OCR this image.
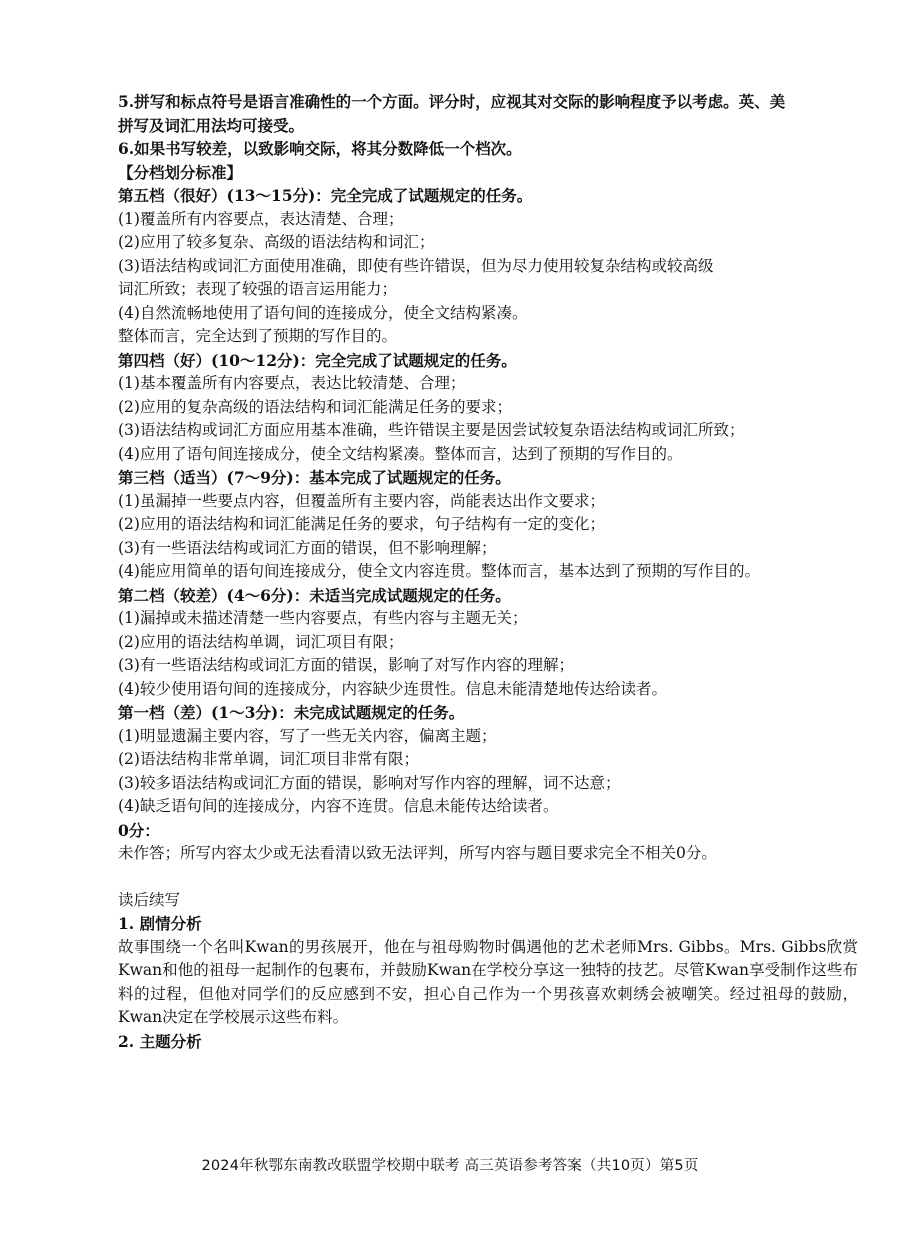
5.拼写和标点符号是语言准确性的一个方面。评分时，应视其对交际的影响程度予以考虑。英、美

拼写及词汇用法均可接受。

6.如果书写较差，以致影响交际，将其分数降低一个档次。

【分档划分标准】

第五档（很好）(13～15分)：完全完成了试题规定的任务。

(1)覆盖所有内容要点，表达清楚、合理；

(2)应用了较多复杂、高级的语法结构和词汇；

(3)语法结构或词汇方面使用准确，即使有些许错误，但为尽力使用较复杂结构或较高级

词汇所致；表现了较强的语言运用能力；

(4)自然流畅地使用了语句间的连接成分，使全文结构紧凑。

整体而言，完全达到了预期的写作目的。

第四档（好）(10～12分)：完全完成了试题规定的任务。

(1)基本覆盖所有内容要点，表达比较清楚、合理；

(2)应用的复杂高级的语法结构和词汇能满足任务的要求；

(3)语法结构或词汇方面应用基本准确，些许错误主要是因尝试较复杂语法结构或词汇所致；

(4)应用了语句间连接成分，使全文结构紧凑。整体而言，达到了预期的写作目的。

第三档（适当）(7～9分)：基本完成了试题规定的任务。

(1)虽漏掉一些要点内容，但覆盖所有主要内容，尚能表达出作文要求；

(2)应用的语法结构和词汇能满足任务的要求，句子结构有一定的变化；

(3)有一些语法结构或词汇方面的错误，但不影响理解；

(4)能应用简单的语句间连接成分，使全文内容连贯。整体而言，基本达到了预期的写作目的。

第二档（较差）(4～6分)：未适当完成试题规定的任务。

(1)漏掉或未描述清楚一些内容要点，有些内容与主题无关；

(2)应用的语法结构单调，词汇项目有限；

(3)有一些语法结构或词汇方面的错误，影响了对写作内容的理解；

(4)较少使用语句间的连接成分，内容缺少连贯性。信息未能清楚地传达给读者。

第一档（差）(1～3分)：未完成试题规定的任务。

(1)明显遗漏主要内容，写了一些无关内容，偏离主题；

(2)语法结构非常单调，词汇项目非常有限；

(3)较多语法结构或词汇方面的错误，影响对写作内容的理解，词不达意；

(4)缺乏语句间的连接成分，内容不连贯。信息未能传达给读者。

0分：

未作答；所写内容太少或无法看清以致无法评判，所写内容与题目要求完全不相关0分。

读后续写

1. 剧情分析

故事围绕一个名叫Kwan的男孩展开，他在与祖母购物时偶遇他的艺术老师Mrs. Gibbs。Mrs. Gibbs欣赏Kwan和他的祖母一起制作的包裹布，并鼓励Kwan在学校分享这一独特的技艺。尽管Kwan享受制作这些布料的过程，但他对同学们的反应感到不安，担心自己作为一个男孩喜欢刺绣会被嘲笑。经过祖母的鼓励，Kwan决定在学校展示这些布料。

2. 主题分析

2024年秋鄂东南教改联盟学校期中联考 高三英语参考答案（共10页）第5页
